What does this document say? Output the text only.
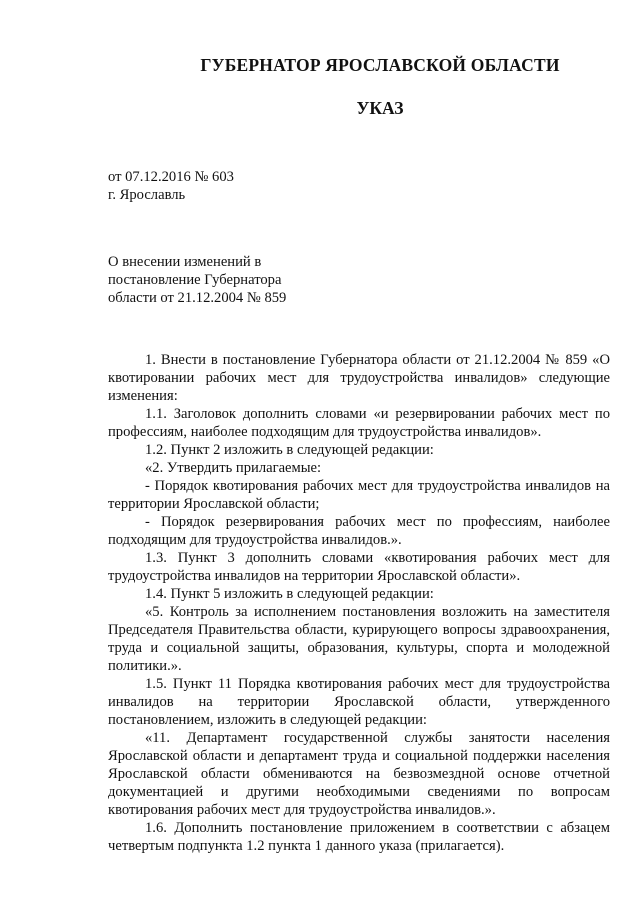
ГУБЕРНАТОР ЯРОСЛАВСКОЙ ОБЛАСТИ
УКАЗ
от 07.12.2016 № 603
г. Ярославль
О внесении изменений в
постановление Губернатора
области от 21.12.2004 № 859

1. Внести в постановление Губернатора области от 21.12.2004 № 859 «О квотировании рабочих мест для трудоустройства инвалидов» следующие изменения:

1.1. Заголовок дополнить словами «и резервировании рабочих мест по профессиям, наиболее подходящим для трудоустройства инвалидов».

1.2. Пункт 2 изложить в следующей редакции:

«2. Утвердить прилагаемые:

- Порядок квотирования рабочих мест для трудоустройства инвалидов на территории Ярославской области;

- Порядок резервирования рабочих мест по профессиям, наиболее подходящим для трудоустройства инвалидов.».

1.3. Пункт 3 дополнить словами «квотирования рабочих мест для трудоустройства инвалидов на территории Ярославской области».

1.4. Пункт 5 изложить в следующей редакции:

«5. Контроль за исполнением постановления возложить на заместителя Председателя Правительства области, курирующего вопросы здравоохранения, труда и социальной защиты, образования, культуры, спорта и молодежной политики.».

1.5. Пункт 11 Порядка квотирования рабочих мест для трудоустройства инвалидов на территории Ярославской области, утвержденного постановлением, изложить в следующей редакции:

«11. Департамент государственной службы занятости населения Ярославской области и департамент труда и социальной поддержки населения Ярославской области обмениваются на безвозмездной основе отчетной документацией и другими необходимыми сведениями по вопросам квотирования рабочих мест для трудоустройства инвалидов.».

1.6. Дополнить постановление приложением в соответствии с абзацем четвертым подпункта 1.2 пункта 1 данного указа (прилагается).
